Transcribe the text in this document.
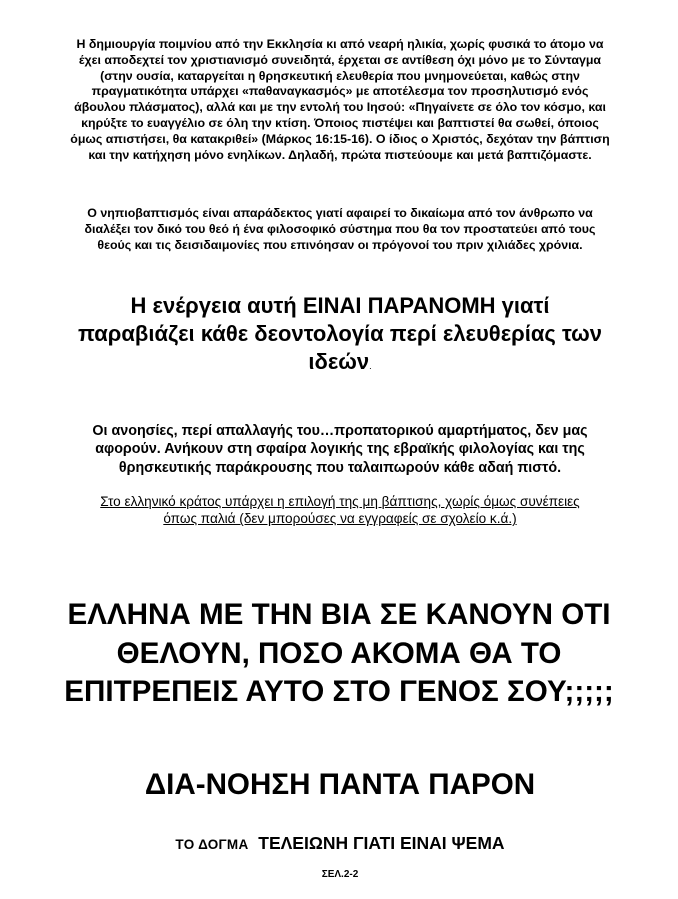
Η δημιουργία ποιμνίου από την Εκκλησία κι από νεαρή ηλικία, χωρίς φυσικά το άτομο να
έχει αποδεχτεί τον χριστιανισμό συνειδητά, έρχεται σε αντίθεση όχι μόνο με το Σύνταγμα
(στην ουσία, καταργείται η θρησκευτική ελευθερία που μνημονεύεται, καθώς στην
πραγματικότητα υπάρχει «παθαναγκασμός» με αποτέλεσμα τον προσηλυτισμό ενός
άβουλου πλάσματος), αλλά και με την εντολή του Ιησού: «Πηγαίνετε σε όλο τον κόσμο, και
κηρύξτε το ευαγγέλιο σε όλη την κτίση. Όποιος πιστέψει και βαπτιστεί θα σωθεί, όποιος
όμως απιστήσει, θα κατακριθεί» (Μάρκος 16:15-16). Ο ίδιος ο Χριστός, δεχόταν την βάπτιση
και την κατήχηση μόνο ενηλίκων. Δηλαδή, πρώτα πιστεύουμε και μετά βαπτιζόμαστε.

Ο νηπιοβαπτισμός είναι απαράδεκτος γιατί αφαιρεί το δικαίωμα από τον άνθρωπο να
διαλέξει τον δικό του θεό ή ένα φιλοσοφικό σύστημα που θα τον προστατεύει από τους
θεούς και τις δεισιδαιμονίες που επινόησαν οι πρόγονοί του πριν χιλιάδες χρόνια.

Η ενέργεια αυτή ΕΙΝΑΙ ΠΑΡΑΝΟΜΗ γιατί
παραβιάζει κάθε δεοντολογία περί ελευθερίας των
ιδεών.

Οι ανοησίες, περί απαλλαγής του…προπατορικού αμαρτήματος, δεν μας
αφορούν. Ανήκουν στη σφαίρα λογικής της εβραϊκής φιλολογίας και της
θρησκευτικής παράκρουσης που ταλαιπωρούν κάθε αδαή πιστό.

Στο ελληνικό κράτος υπάρχει η επιλογή της μη βάπτισης, χωρίς όμως συνέπειες
όπως παλιά (δεν μπορούσες να εγγραφείς σε σχολείο κ.ά.)

ΕΛΛΗΝΑ ΜΕ ΤΗΝ ΒΙΑ ΣΕ ΚΑΝΟΥΝ ΟΤΙ
ΘΕΛΟΥΝ, ΠΟΣΟ ΑΚΟΜΑ ΘΑ ΤΟ
ΕΠΙΤΡΕΠΕΙΣ ΑΥΤΟ ΣΤΟ ΓΕΝΟΣ ΣΟΥ;;;;;
ΔΙΑ-ΝΟΗΣΗ ΠΑΝΤΑ ΠΑΡΟΝ
ΤΟ ΔΟΓΜΑ ΤΕΛΕΙΩΝΗ ΓΙΑΤΙ ΕΙΝΑΙ ΨΕΜΑ
ΣΕΛ.2-2
